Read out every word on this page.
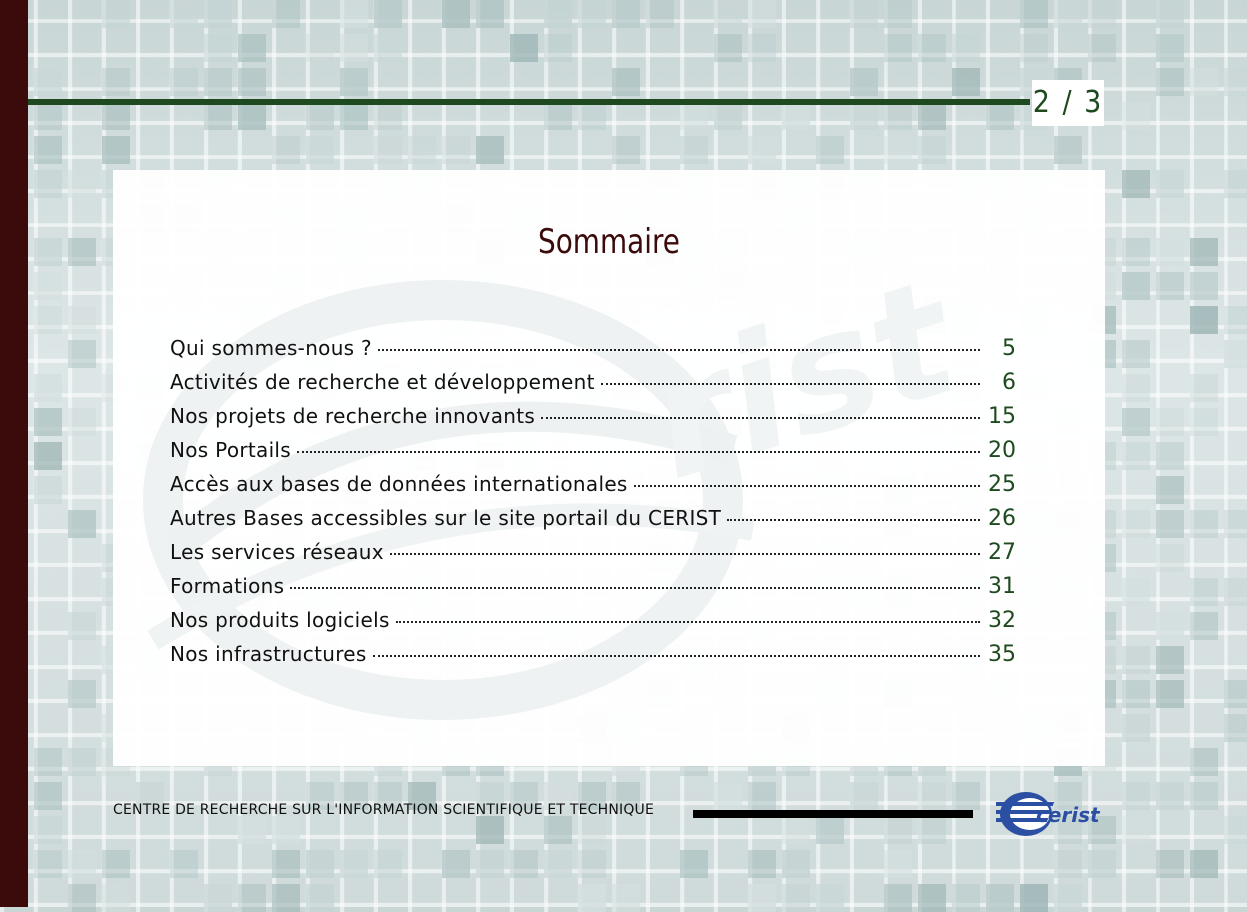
2 / 3
rist
Sommaire
Qui sommes-nous ?	5
Activités de recherche et développement	6
Nos projets de recherche innovants	15
Nos Portails	20
Accès aux bases de données internationales	25
Autres Bases accessibles sur le site portail du CERIST	26
Les services réseaux	27
Formations	31
Nos produits logiciels	32
Nos infrastructures	35
CENTRE DE RECHERCHE SUR L'INFORMATION SCIENTIFIQUE ET TECHNIQUE	cerist
